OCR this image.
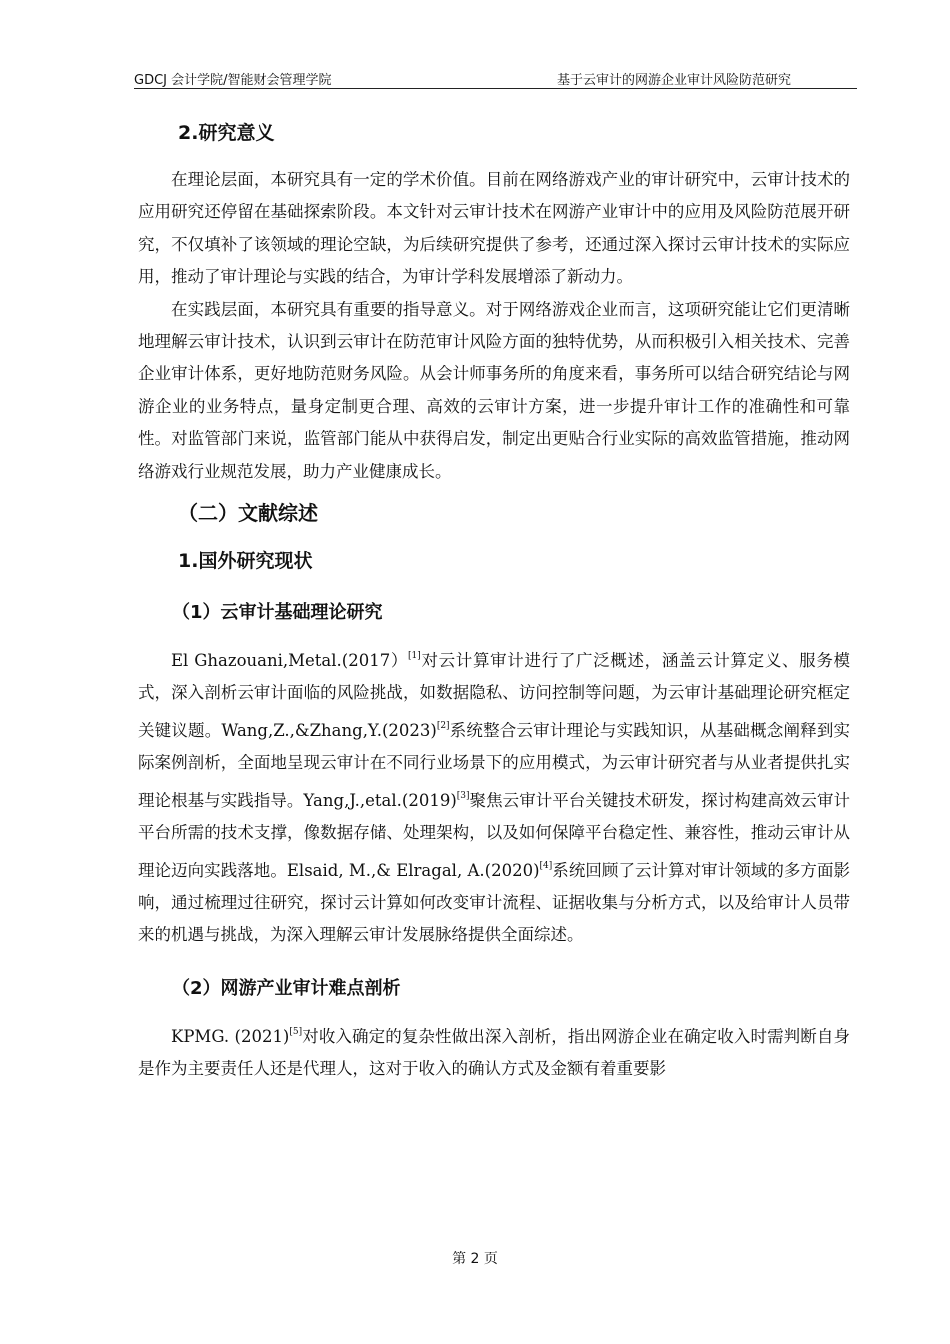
GDCJ 会计学院/智能财会管理学院	基于云审计的网游企业审计风险防范研究
2.研究意义

在理论层面，本研究具有一定的学术价值。目前在网络游戏产业的审计研究中，云审计技术的应用研究还停留在基础探索阶段。本文针对云审计技术在网游产业审计中的应用及风险防范展开研究，不仅填补了该领域的理论空缺，为后续研究提供了参考，还通过深入探讨云审计技术的实际应用，推动了审计理论与实践的结合，为审计学科发展增添了新动力。

在实践层面，本研究具有重要的指导意义。对于网络游戏企业而言，这项研究能让它们更清晰地理解云审计技术，认识到云审计在防范审计风险方面的独特优势，从而积极引入相关技术、完善企业审计体系，更好地防范财务风险。从会计师事务所的角度来看，事务所可以结合研究结论与网游企业的业务特点，量身定制更合理、高效的云审计方案，进一步提升审计工作的准确性和可靠性。对监管部门来说，监管部门能从中获得启发，制定出更贴合行业实际的高效监管措施，推动网络游戏行业规范发展，助力产业健康成长。

（二）文献综述
1.国外研究现状
（1）云审计基础理论研究

El Ghazouani,Metal.(2017）[1]对云计算审计进行了广泛概述，涵盖云计算定义、服务模式，深入剖析云审计面临的风险挑战，如数据隐私、访问控制等问题，为云审计基础理论研究框定关键议题。Wang,Z.,&Zhang,Y.(2023)[2]系统整合云审计理论与实践知识，从基础概念阐释到实际案例剖析，全面地呈现云审计在不同行业场景下的应用模式，为云审计研究者与从业者提供扎实理论根基与实践指导。Yang,J.,etal.(2019)[3]聚焦云审计平台关键技术研发，探讨构建高效云审计平台所需的技术支撑，像数据存储、处理架构，以及如何保障平台稳定性、兼容性，推动云审计从理论迈向实践落地。Elsaid, M.,& Elragal, A.(2020)[4]系统回顾了云计算对审计领域的多方面影响，通过梳理过往研究，探讨云计算如何改变审计流程、证据收集与分析方式，以及给审计人员带来的机遇与挑战，为深入理解云审计发展脉络提供全面综述。

（2）网游产业审计难点剖析

KPMG. (2021)[5]对收入确定的复杂性做出深入剖析，指出网游企业在确定收入时需判断自身是作为主要责任人还是代理人，这对于收入的确认方式及金额有着重要影

第 2 页
